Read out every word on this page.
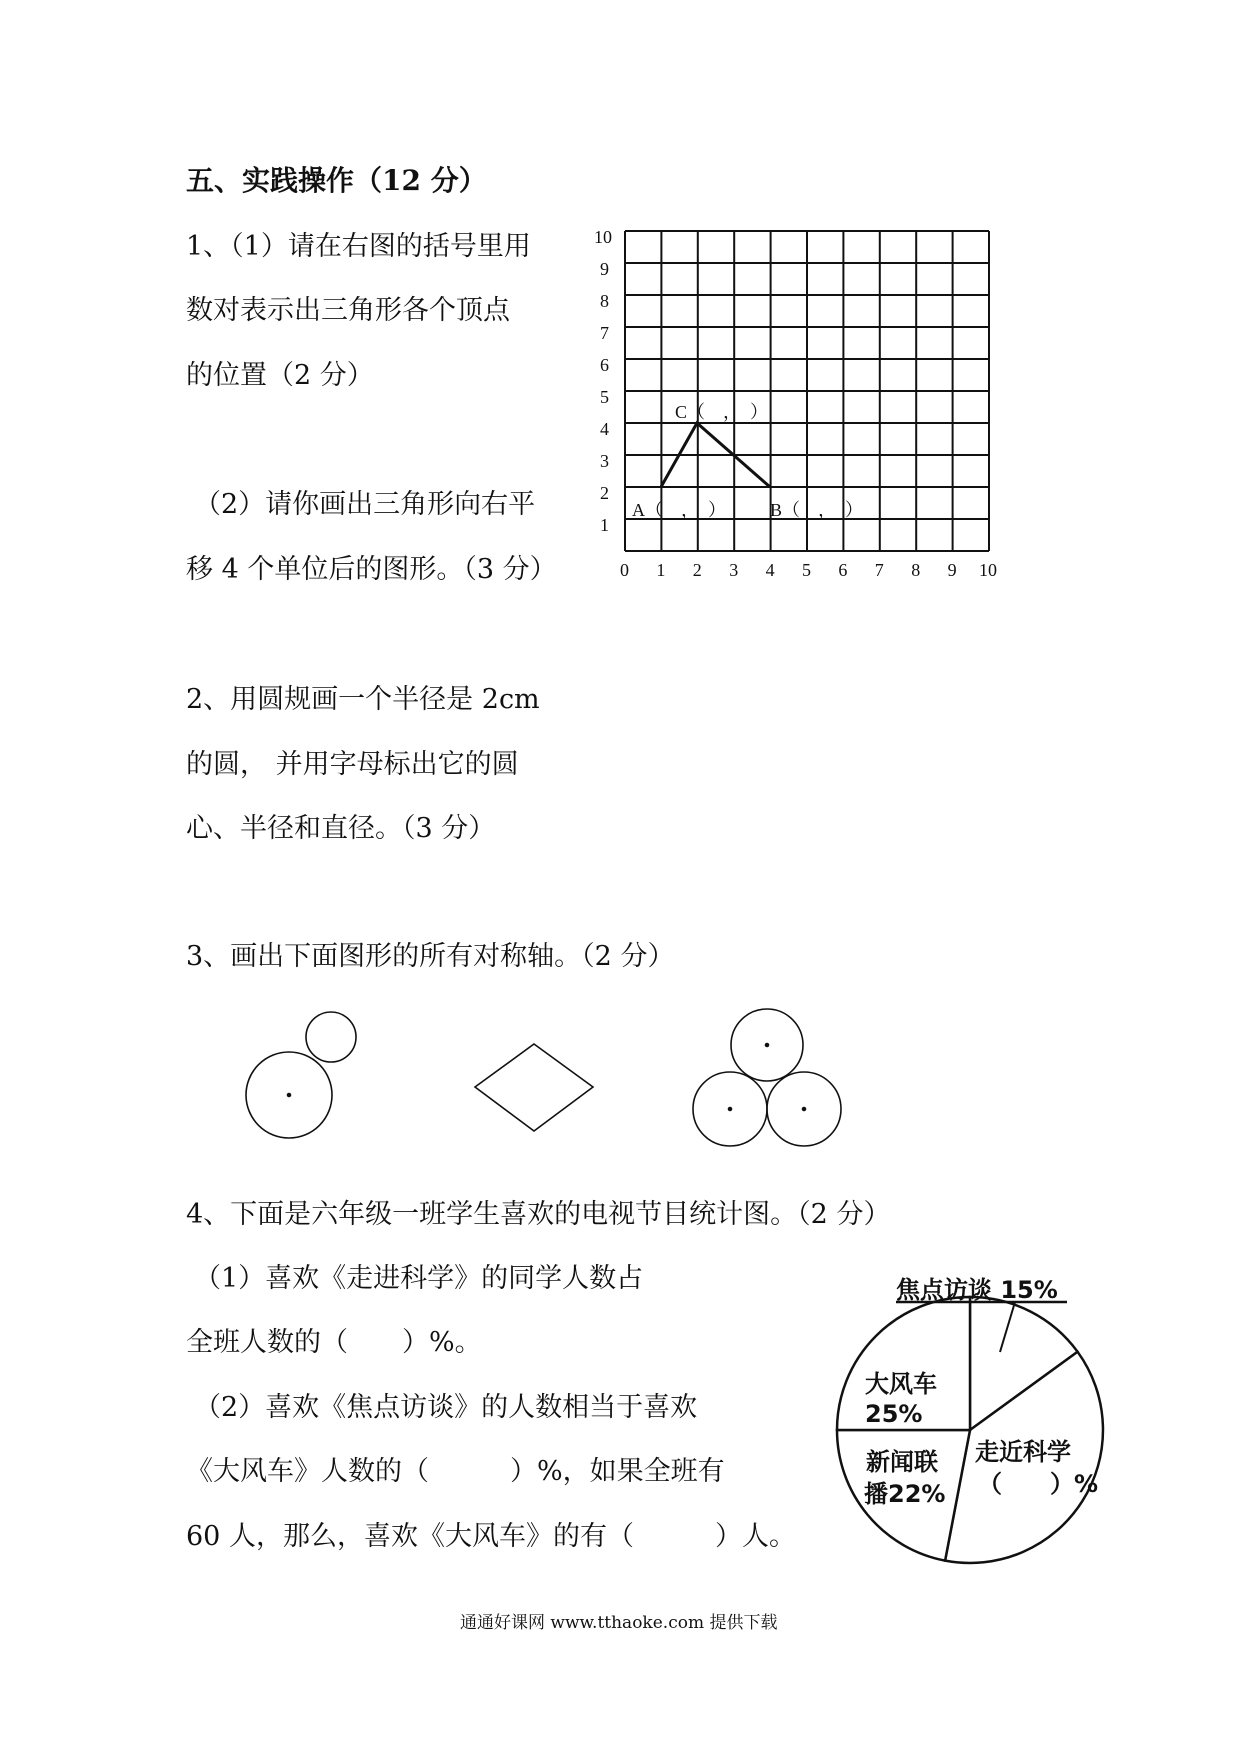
五、实践操作（12 分）
1、（1）请在右图的括号里用
数对表示出三角形各个顶点
的位置（2 分）
（2）请你画出三角形向右平
移 4 个单位后的图形。（3 分）
1
2
3
4
5
6
7
8
9
10
0 1 2 3 4 5 6 7 8 9 10
C（　，　）
A（　，　） B（　，　）
2、用圆规画一个半径是 2cm
的圆， 并用字母标出它的圆
心、半径和直径。（3 分）
3、画出下面图形的所有对称轴。（2 分）
4、下面是六年级一班学生喜欢的电视节目统计图。（2 分）
（1）喜欢《走进科学》的同学人数占
全班人数的（　　）%。
（2）喜欢《焦点访谈》的人数相当于喜欢
《大风车》人数的（　　　）%，如果全班有
60 人，那么，喜欢《大风车》的有（　　　）人。
焦点访谈 15%
大风车
25%
新闻联
播22%
走近科学
（　　）%
通通好课网 www.tthaoke.com 提供下载
